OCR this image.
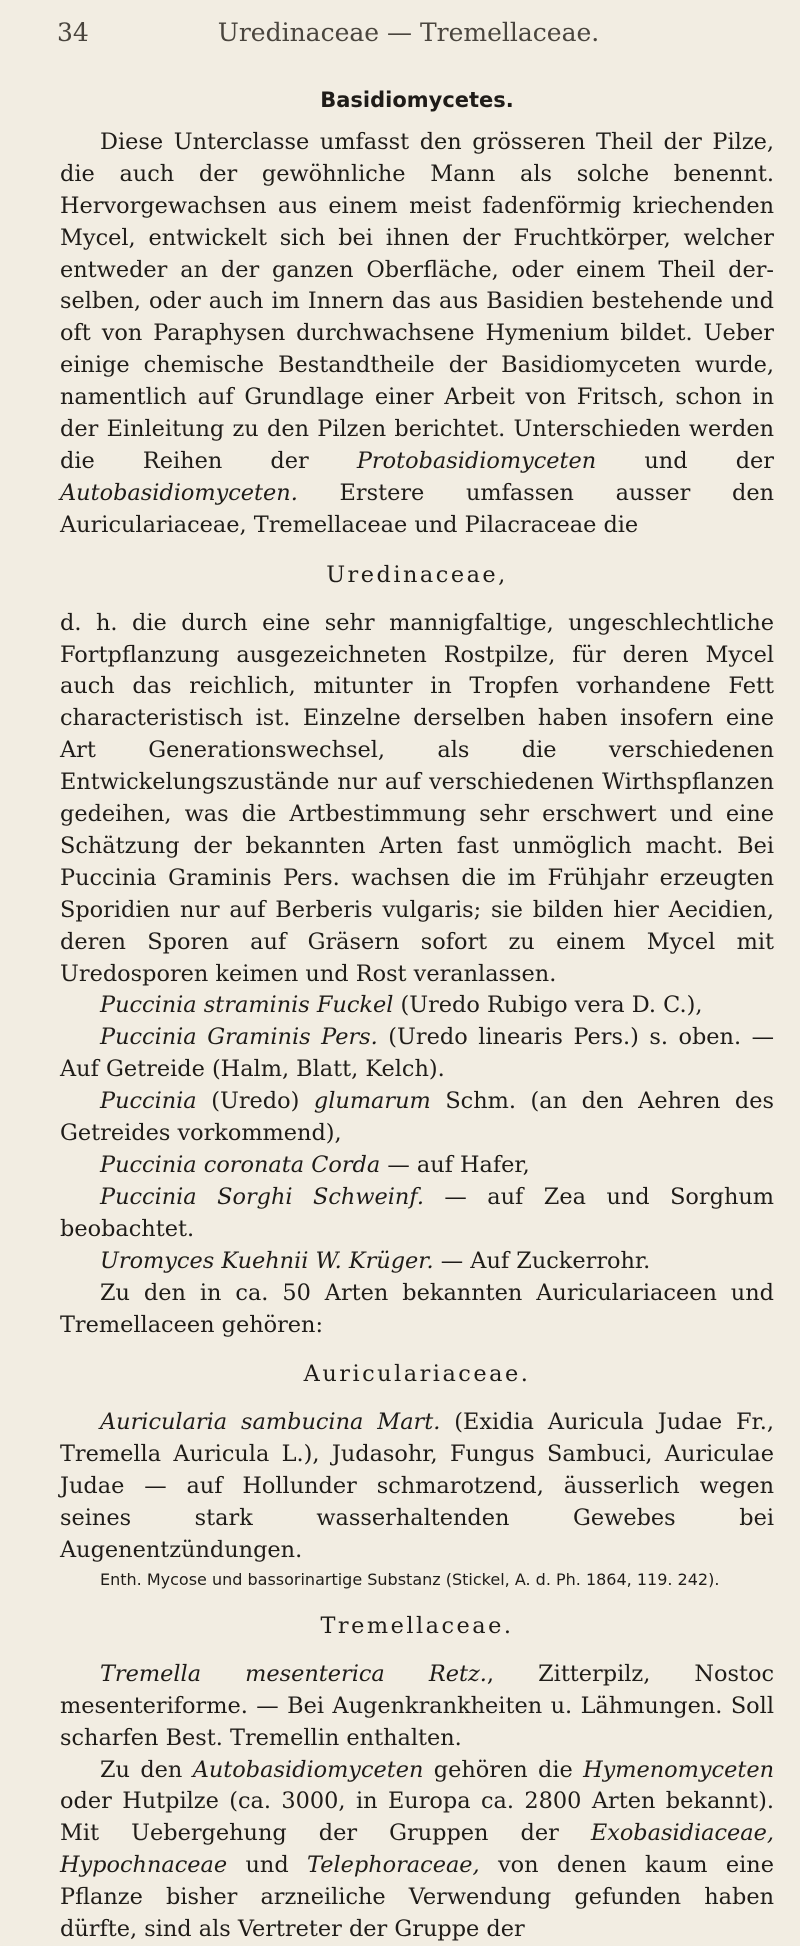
34	Uredinaceae — Tremellaceae.

Basidiomycetes.

Diese Unterclasse umfasst den grösseren Theil der Pilze, die auch der gewöhnliche Mann als solche benennt. Hervorgewachsen aus einem meist fadenförmig kriechenden Mycel, entwickelt sich bei ihnen der Fruchtkörper, welcher entweder an der ganzen Oberfläche, oder einem Theil derselben, oder auch im Innern das aus Basidien bestehende und oft von Paraphysen durchwachsene Hymenium bildet. Ueber einige chemische Bestandtheile der Basidiomyceten wurde, namentlich auf Grundlage einer Arbeit von Fritsch, schon in der Einleitung zu den Pilzen berichtet. Unterschieden werden die Reihen der Protobasidiomyceten und der Autobasidiomyceten. Erstere umfassen ausser den Auriculariaceae, Tremellaceae und Pilacraceae die

Uredinaceae,

d. h. die durch eine sehr mannigfaltige, ungeschlechtliche Fortpflanzung ausgezeichneten Rostpilze, für deren Mycel auch das reichlich, mitunter in Tropfen vorhandene Fett characteristisch ist. Einzelne derselben haben insofern eine Art Generationswechsel, als die verschiedenen Entwickelungszustände nur auf verschiedenen Wirthspflanzen gedeihen, was die Artbestimmung sehr erschwert und eine Schätzung der bekannten Arten fast unmöglich macht. Bei Puccinia Graminis Pers. wachsen die im Frühjahr erzeugten Sporidien nur auf Berberis vulgaris; sie bilden hier Aecidien, deren Sporen auf Gräsern sofort zu einem Mycel mit Uredosporen keimen und Rost veranlassen.

Puccinia straminis Fuckel (Uredo Rubigo vera D. C.),

Puccinia Graminis Pers. (Uredo linearis Pers.) s. oben. — Auf Getreide (Halm, Blatt, Kelch).

Puccinia (Uredo) glumarum Schm. (an den Aehren des Getreides vorkommend),

Puccinia coronata Corda — auf Hafer,

Puccinia Sorghi Schweinf. — auf Zea und Sorghum beobachtet.

Uromyces Kuehnii W. Krüger. — Auf Zuckerrohr.

Zu den in ca. 50 Arten bekannten Auriculariaceen und Tremellaceen gehören:

Auriculariaceae.

Auricularia sambucina Mart. (Exidia Auricula Judae Fr., Tremella Auricula L.), Judasohr, Fungus Sambuci, Auriculae Judae — auf Hollunder schmarotzend, äusserlich wegen seines stark wasserhaltenden Gewebes bei Augenentzündungen.

Enth. Mycose und bassorinartige Substanz (Stickel, A. d. Ph. 1864, 119. 242).

Tremellaceae.

Tremella mesenterica Retz., Zitterpilz, Nostoc mesenteriforme. — Bei Augenkrankheiten u. Lähmungen. Soll scharfen Best. Tremellin enthalten.

Zu den Autobasidiomyceten gehören die Hymenomyceten oder Hutpilze (ca. 3000, in Europa ca. 2800 Arten bekannt). Mit Uebergehung der Gruppen der Exobasidiaceae, Hypochnaceae und Telephoraceae, von denen kaum eine Pflanze bisher arzneiliche Verwendung gefunden haben dürfte, sind als Vertreter der Gruppe der
